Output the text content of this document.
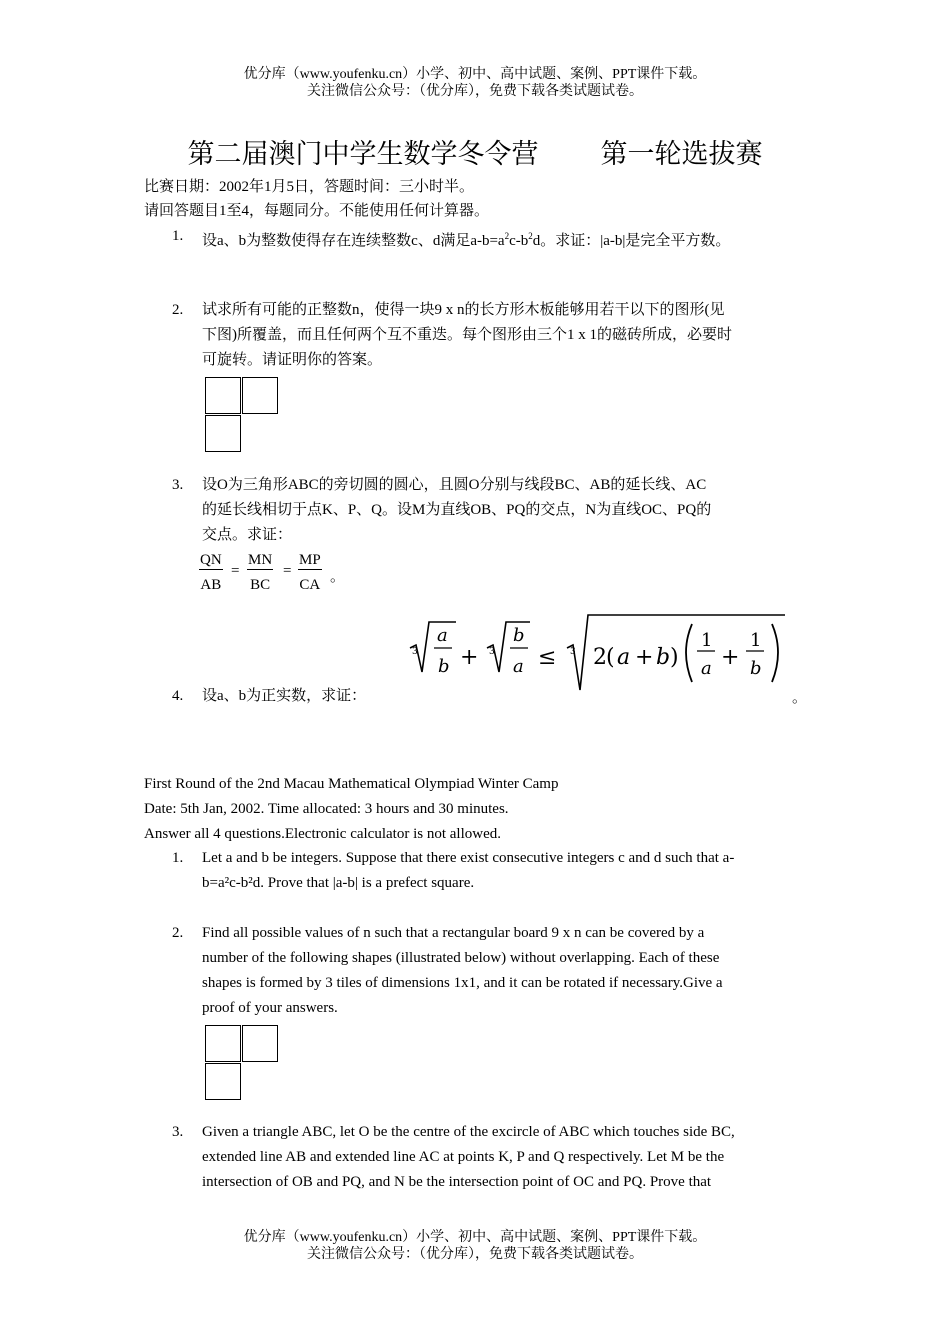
优分库（www.youfenku.cn）小学、初中、高中试题、案例、PPT课件下载。
关注微信公众号：（优分库），免费下载各类试题试卷。
第二届澳门中学生数学冬令营 第一轮选拔赛
比赛日期：2002年1月5日，答题时间：三小时半。
请回答题目1至4，每题同分。不能使用任何计算器。
1. 设a、b为整数使得存在连续整数c、d满足$a-b=a^2c-b^2d$。求证：|a-b|是完全平方数。
2. 试求所有可能的正整数n，使得一块9 x n的长方形木板能够用若干以下的图形(见
下图)所覆盖，而且任何两个互不重迭。每个图形由三个1 x 1的磁砖所成，必要时
可旋转。请证明你的答案。
3. 设O为三角形ABC的旁切圆的圆心，且圆O分别与线段BC、AB的延长线、AC
的延长线相切于点K、P、Q。设M为直线OB、PQ的交点，N为直线OC、PQ的
交点。求证：
$\frac{QN}{AB} = \frac{MN}{BC} = \frac{MP}{CA}$ 。
4. 设a、b为正实数，求证：	。
3
a
b + 3
b
a ≤ 3 2 ( a + b )
1
a +
1
b
First Round of the 2nd Macau Mathematical Olympiad Winter Camp
Date: 5th Jan, 2002. Time allocated: 3 hours and 30 minutes.
Answer all 4 questions.Electronic calculator is not allowed.
1. Let a and b be integers. Suppose that there exist consecutive integers c and d such that a-
b=a²c-b²d. Prove that |a-b| is a prefect square.
2. Find all possible values of n such that a rectangular board 9 x n can be covered by a
number of the following shapes (illustrated below) without overlapping. Each of these
shapes is formed by 3 tiles of dimensions 1x1, and it can be rotated if necessary.Give a
proof of your answers.
3. Given a triangle ABC, let O be the centre of the excircle of ABC which touches side BC,
extended line AB and extended line AC at points K, P and Q respectively. Let M be the
intersection of OB and PQ, and N be the intersection point of OC and PQ. Prove that
优分库（www.youfenku.cn）小学、初中、高中试题、案例、PPT课件下载。
关注微信公众号：（优分库），免费下载各类试题试卷。
